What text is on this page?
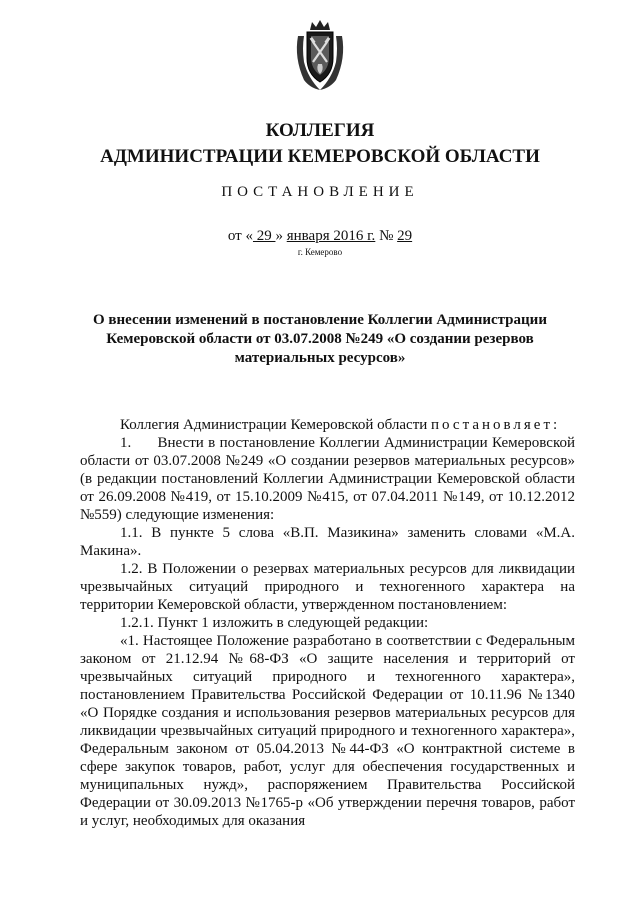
КОЛЛЕГИЯ
АДМИНИСТРАЦИИ КЕМЕРОВСКОЙ ОБЛАСТИ
ПОСТАНОВЛЕНИЕ
от « 29 » января 2016 г. № 29
г. Кемерово
О внесении изменений в постановление Коллегии Администрации
Кемеровской области от 03.07.2008 №249 «О создании резервов
материальных ресурсов»

Коллегия Администрации Кемеровской области постановляет:

1.      Внести в постановление Коллегии Администрации Кемеровской области от 03.07.2008 №249 «О создании резервов материальных ресурсов» (в редакции постановлений Коллегии Администрации Кемеровской области от 26.09.2008 №419, от 15.10.2009 №415, от 07.04.2011 №149, от 10.12.2012 №559) следующие изменения:

1.1. В пункте 5 слова «В.П. Мазикина» заменить словами «М.А. Макина».

1.2. В Положении о резервах материальных ресурсов для ликвидации чрезвычайных ситуаций природного и техногенного характера на территории Кемеровской области, утвержденном постановлением:

1.2.1. Пункт 1 изложить в следующей редакции:

«1. Настоящее Положение разработано в соответствии с Федеральным законом от 21.12.94 №68-ФЗ «О защите населения и территорий от чрезвычайных ситуаций природного и техногенного характера», постановлением Правительства Российской Федерации от 10.11.96 №1340 «О Порядке создания и использования резервов материальных ресурсов для ликвидации чрезвычайных ситуаций природного и техногенного характера», Федеральным законом от 05.04.2013 №44-ФЗ «О контрактной системе в сфере закупок товаров, работ, услуг для обеспечения государственных и муниципальных нужд», распоряжением Правительства Российской Федерации от 30.09.2013 №1765-р «Об утверждении перечня товаров, работ и услуг, необходимых для оказания
